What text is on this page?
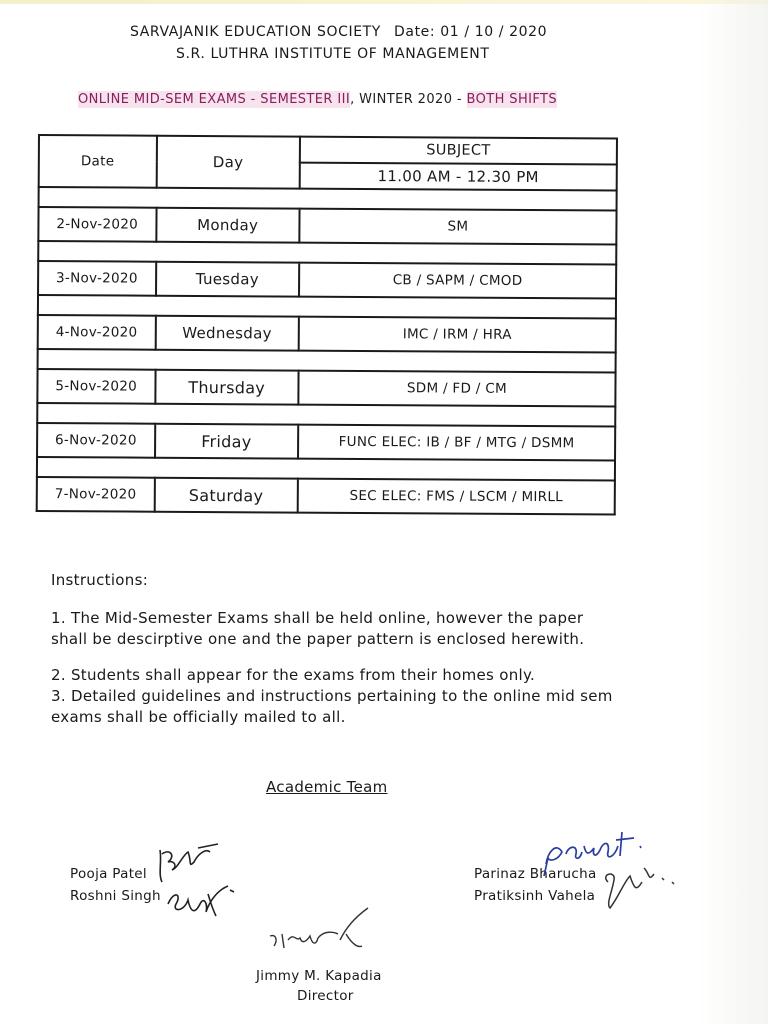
SARVAJANIK EDUCATION SOCIETY Date: 01 / 10 / 2020
S.R. LUTHRA INSTITUTE OF MANAGEMENT
ONLINE MID-SEM EXAMS - SEMESTER III, WINTER 2020 - BOTH SHIFTS
Date	Day	SUBJECT
		11.00 AM - 12.30 PM

2-Nov-2020	Monday	SM

3-Nov-2020	Tuesday	CB / SAPM / CMOD

4-Nov-2020	Wednesday	IMC / IRM / HRA

5-Nov-2020	Thursday	SDM / FD / CM

6-Nov-2020	Friday	FUNC ELEC: IB / BF / MTG / DSMM

7-Nov-2020	Saturday	SEC ELEC: FMS / LSCM / MIRLL
Instructions:
1. The Mid-Semester Exams shall be held online, however the paper shall be descirptive one and the paper pattern is enclosed herewith.
2. Students shall appear for the exams from their homes only.
3. Detailed guidelines and instructions pertaining to the online mid sem exams shall be officially mailed to all.
Academic Team
Pooja Patel
Roshni Singh
Parinaz Bharucha
Pratiksinh Vahela
Jimmy M. Kapadia
Director
